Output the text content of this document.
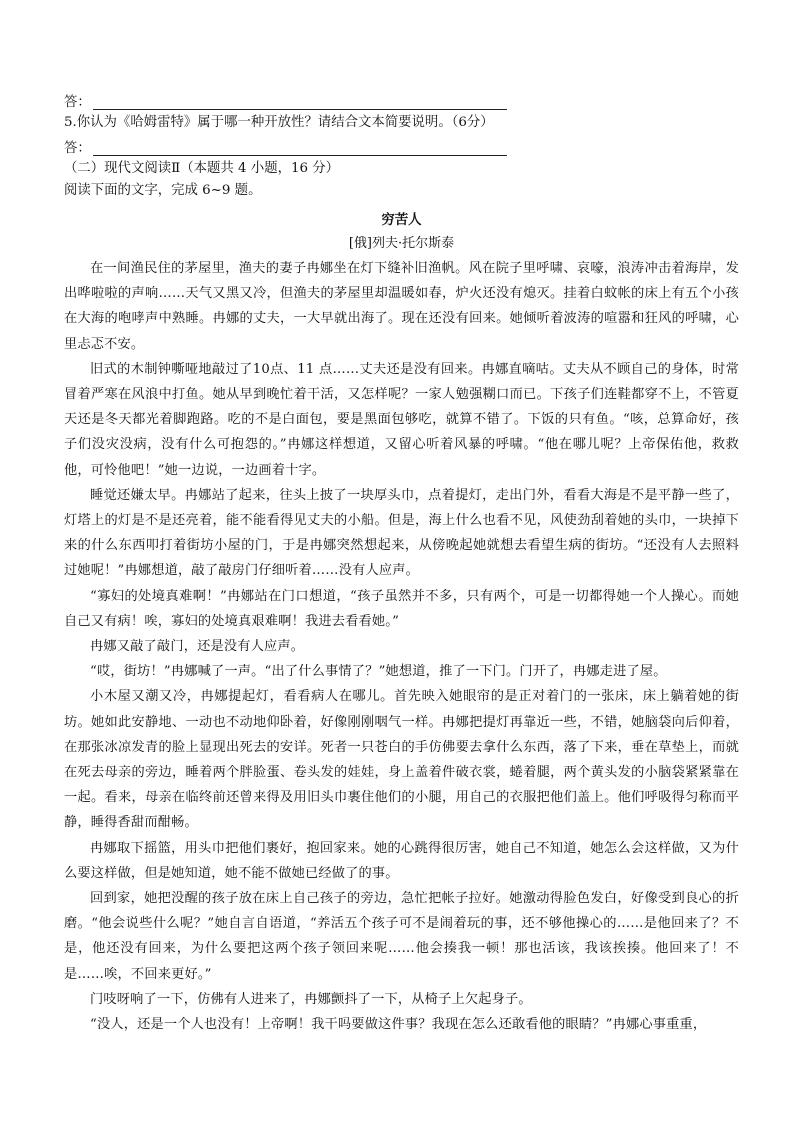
答：
5.你认为《哈姆雷特》属于哪一种开放性？请结合文本简要说明。（6分）
答：
（二）现代文阅读Ⅱ（本题共 4 小题，16 分）
阅读下面的文字，完成 6~9 题。
穷苦人
[俄]列夫·托尔斯泰

在一间渔民住的茅屋里，渔夫的妻子冉娜坐在灯下缝补旧渔帆。风在院子里呼啸、哀嚎，浪涛冲击着海岸，发出哗啦啦的声响……天气又黑又冷，但渔夫的茅屋里却温暖如春，炉火还没有熄灭。挂着白蚊帐的床上有五个小孩在大海的咆哮声中熟睡。冉娜的丈夫，一大早就出海了。现在还没有回来。她倾听着波涛的喧嚣和狂风的呼啸，心里忐忑不安。

旧式的木制钟嘶哑地敲过了10点、11 点……丈夫还是没有回来。冉娜直嘀咕。丈夫从不顾自己的身体，时常冒着严寒在风浪中打鱼。她从早到晚忙着干活，又怎样呢？一家人勉强糊口而已。下孩子们连鞋都穿不上，不管夏天还是冬天都光着脚跑路。吃的不是白面包，要是黑面包够吃，就算不错了。下饭的只有鱼。“咳，总算命好，孩子们没灾没病，没有什么可抱怨的。”冉娜这样想道，又留心听着风暴的呼啸。“他在哪儿呢？上帝保佑他，救救他，可怜他吧！”她一边说，一边画着十字。

睡觉还嫌太早。冉娜站了起来，往头上披了一块厚头巾，点着提灯，走出门外，看看大海是不是平静一些了，灯塔上的灯是不是还亮着，能不能看得见丈夫的小船。但是，海上什么也看不见，风使劲刮着她的头巾，一块掉下来的什么东西叩打着街坊小屋的门，于是冉娜突然想起来，从傍晚起她就想去看望生病的街坊。“还没有人去照料过她呢！”冉娜想道，敲了敲房门仔细听着……没有人应声。

“寡妇的处境真难啊！”冉娜站在门口想道，“孩子虽然并不多，只有两个，可是一切都得她一个人操心。而她自己又有病！唉，寡妇的处境真艰难啊！我进去看看她。”

冉娜又敲了敲门，还是没有人应声。

“哎，街坊！”冉娜喊了一声。“出了什么事情了？”她想道，推了一下门。门开了，冉娜走进了屋。

小木屋又潮又冷，冉娜提起灯，看看病人在哪儿。首先映入她眼帘的是正对着门的一张床，床上躺着她的街坊。她如此安静地、一动也不动地仰卧着，好像刚刚咽气一样。冉娜把提灯再靠近一些，不错，她脑袋向后仰着，在那张冰凉发青的脸上显现出死去的安详。死者一只苍白的手仿佛要去拿什么东西，落了下来，垂在草垫上，而就在死去母亲的旁边，睡着两个胖脸蛋、卷头发的娃娃，身上盖着件破衣裳，蜷着腿，两个黄头发的小脑袋紧紧靠在一起。看来，母亲在临终前还曾来得及用旧头巾裹住他们的小腿，用自己的衣服把他们盖上。他们呼吸得匀称而平静，睡得香甜而酣畅。

冉娜取下摇篮，用头巾把他们裹好，抱回家来。她的心跳得很厉害，她自己不知道，她怎么会这样做，又为什么要这样做，但是她知道，她不能不做她已经做了的事。

回到家，她把没醒的孩子放在床上自己孩子的旁边，急忙把帐子拉好。她激动得脸色发白，好像受到良心的折磨。“他会说些什么呢？”她自言自语道，“养活五个孩子可不是闹着玩的事，还不够他操心的……是他回来了？不是，他还没有回来，为什么要把这两个孩子领回来呢……他会揍我一顿！那也活该，我该挨揍。他回来了！不是……唉，不回来更好。”

门吱呀响了一下，仿佛有人进来了，冉娜颤抖了一下，从椅子上欠起身子。

“没人，还是一个人也没有！上帝啊！我干吗要做这件事？我现在怎么还敢看他的眼睛？”冉娜心事重重，
